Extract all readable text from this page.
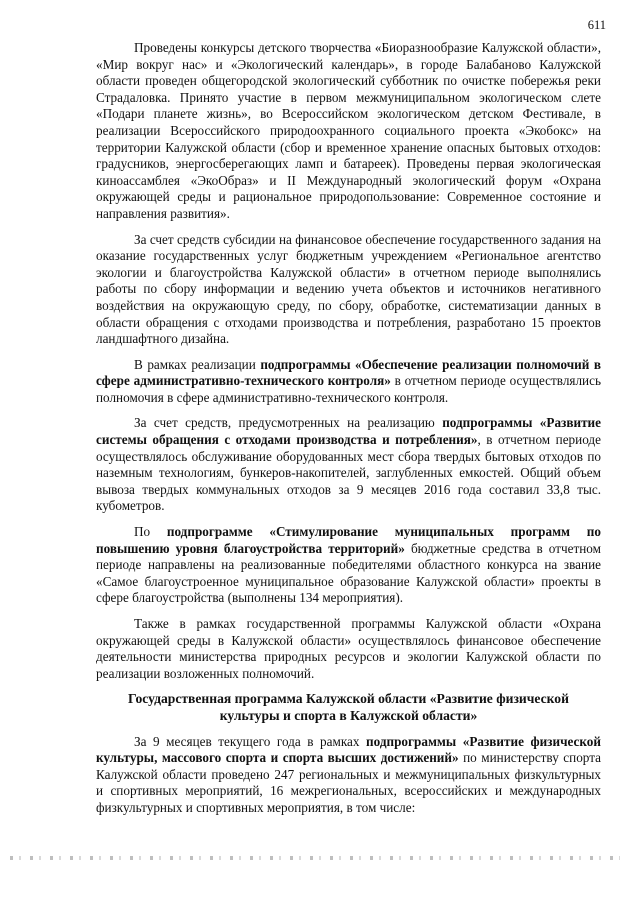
611

Проведены конкурсы детского творчества «Биоразнообразие Калужской области», «Мир вокруг нас» и «Экологический календарь», в городе Балабаново Калужской области проведен общегородской экологический субботник по очистке побережья реки Страдаловка. Принято участие в первом межмуниципальном экологическом слете «Подари планете жизнь», во Всероссийском экологическом детском Фестивале, в реализации Всероссийского природоохранного социального проекта «Экобокс» на территории Калужской области (сбор и временное хранение опасных бытовых отходов: градусников, энергосберегающих ламп и батареек). Проведены первая экологическая киноассамблея «ЭкоОбраз» и II Международный экологический форум «Охрана окружающей среды и рациональное природопользование: Современное состояние и направления развития».

За счет средств субсидии на финансовое обеспечение государственного задания на оказание государственных услуг бюджетным учреждением «Региональное агентство экологии и благоустройства Калужской области» в отчетном периоде выполнялись работы по сбору информации и ведению учета объектов и источников негативного воздействия на окружающую среду, по сбору, обработке, систематизации данных в области обращения с отходами производства и потребления, разработано 15 проектов ландшафтного дизайна.

В рамках реализации подпрограммы «Обеспечение реализации полномочий в сфере административно-технического контроля» в отчетном периоде осуществлялись полномочия в сфере административно-технического контроля.

За счет средств, предусмотренных на реализацию подпрограммы «Развитие системы обращения с отходами производства и потребления», в отчетном периоде осуществлялось обслуживание оборудованных мест сбора твердых бытовых отходов по наземным технологиям, бункеров-накопителей, заглубленных емкостей. Общий объем вывоза твердых коммунальных отходов за 9 месяцев 2016 года составил 33,8 тыс. кубометров.

По подпрограмме «Стимулирование муниципальных программ по повышению уровня благоустройства территорий» бюджетные средства в отчетном периоде направлены на реализованные победителями областного конкурса на звание «Самое благоустроенное муниципальное образование Калужской области» проекты в сфере благоустройства (выполнены 134 мероприятия).

Также в рамках государственной программы Калужской области «Охрана окружающей среды в Калужской области» осуществлялось финансовое обеспечение деятельности министерства природных ресурсов и экологии Калужской области по реализации возложенных полномочий.

Государственная программа Калужской области «Развитие физической культуры и спорта в Калужской области»

За 9 месяцев текущего года в рамках подпрограммы «Развитие физической культуры, массового спорта и спорта высших достижений» по министерству спорта Калужской области проведено 247 региональных и межмуниципальных физкультурных и спортивных мероприятий, 16 межрегиональных, всероссийских и международных физкультурных и спортивных мероприятия, в том числе:
